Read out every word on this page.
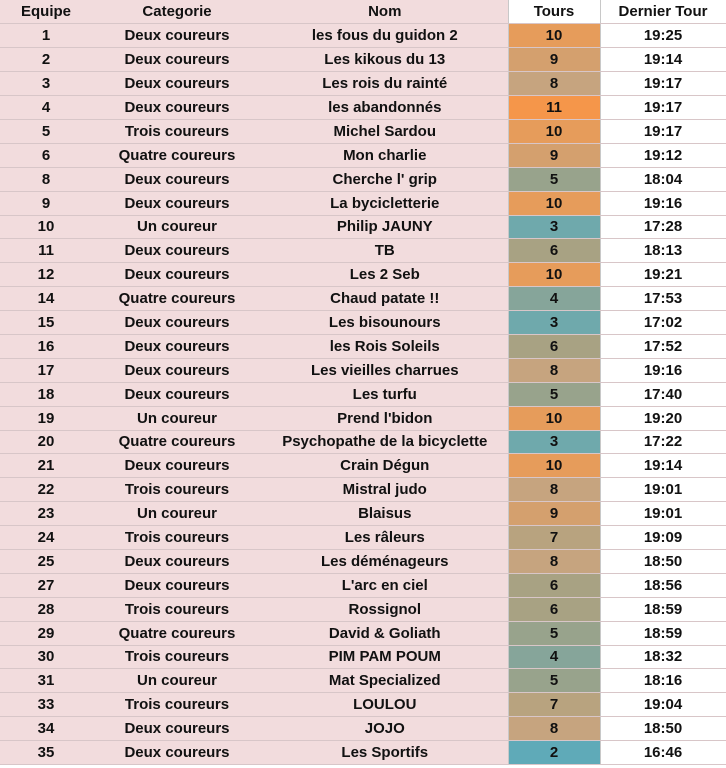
Equipe	Categorie	Nom	Tours	Dernier Tour
1	Deux coureurs	les fous du guidon 2	10	19:25
2	Deux coureurs	Les kikous du 13	9	19:14
3	Deux coureurs	Les rois du rainté	8	19:17
4	Deux coureurs	les abandonnés	11	19:17
5	Trois coureurs	Michel Sardou	10	19:17
6	Quatre coureurs	Mon charlie	9	19:12
8	Deux coureurs	Cherche l' grip	5	18:04
9	Deux coureurs	La bycicletterie	10	19:16
10	Un coureur	Philip JAUNY	3	17:28
11	Deux coureurs	TB	6	18:13
12	Deux coureurs	Les 2 Seb	10	19:21
14	Quatre coureurs	Chaud patate !!	4	17:53
15	Deux coureurs	Les bisounours	3	17:02
16	Deux coureurs	les Rois Soleils	6	17:52
17	Deux coureurs	Les vieilles charrues	8	19:16
18	Deux coureurs	Les turfu	5	17:40
19	Un coureur	Prend l'bidon	10	19:20
20	Quatre coureurs	Psychopathe de la bicyclette	3	17:22
21	Deux coureurs	Crain Dégun	10	19:14
22	Trois coureurs	Mistral judo	8	19:01
23	Un coureur	Blaisus	9	19:01
24	Trois coureurs	Les râleurs	7	19:09
25	Deux coureurs	Les déménageurs	8	18:50
27	Deux coureurs	L'arc en ciel	6	18:56
28	Trois coureurs	Rossignol	6	18:59
29	Quatre coureurs	David & Goliath	5	18:59
30	Trois coureurs	PIM PAM POUM	4	18:32
31	Un coureur	Mat Specialized	5	18:16
33	Trois coureurs	LOULOU	7	19:04
34	Deux coureurs	JOJO	8	18:50
35	Deux coureurs	Les Sportifs	2	16:46
